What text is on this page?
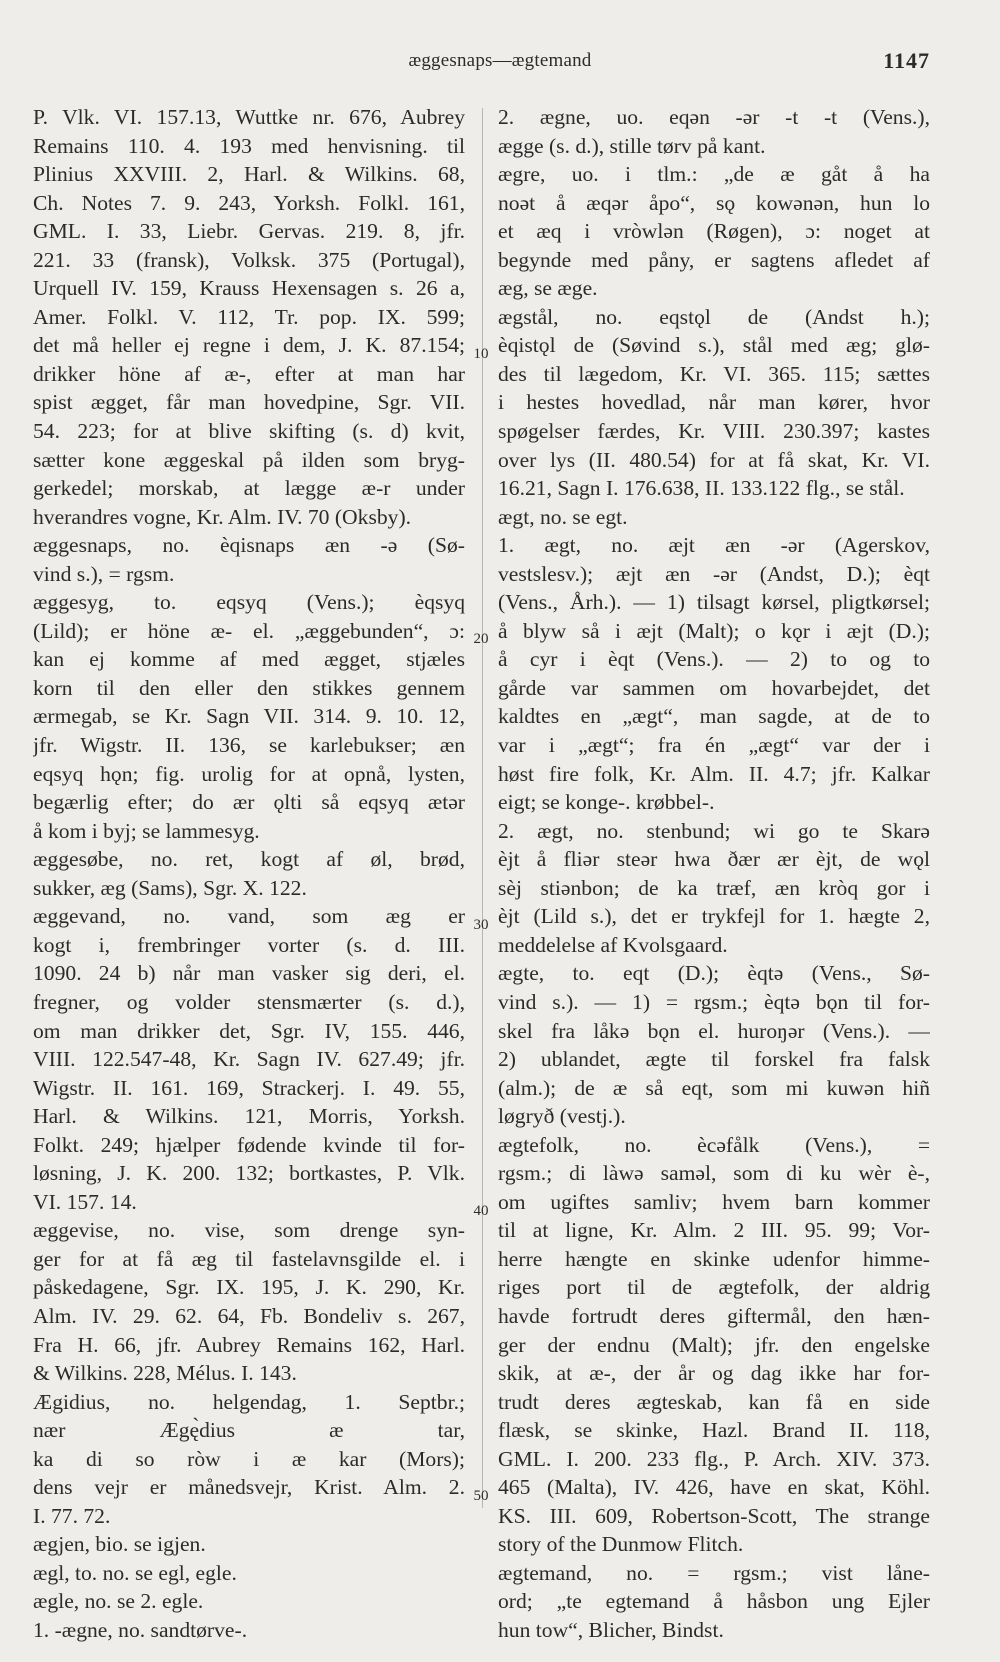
æggesnaps—ægtemand	1147
P. Vlk. VI. 157.13, Wuttke nr. 676, Aubrey
Remains 110. 4. 193 med henvisning. til
Plinius XXVIII. 2, Harl. & Wilkins. 68,
Ch. Notes 7. 9. 243, Yorksh. Folkl. 161,
GML. I. 33, Liebr. Gervas. 219. 8, jfr.
221. 33 (fransk), Volksk. 375 (Portugal),
Urquell IV. 159, Krauss Hexensagen s. 26 a,
Amer. Folkl. V. 112, Tr. pop. IX. 599;
det må heller ej regne i dem, J. K. 87.154;
drikker höne af æ-, efter at man har
spist ægget, får man hovedpine, Sgr. VII.
54. 223; for at blive skifting (s. d) kvit,
sætter kone æggeskal på ilden som bryg-
gerkedel; morskab, at lægge æ-r under
hverandres vogne, Kr. Alm. IV. 70 (Oksby).
æggesnaps, no. èqisnaps æn -ə (Sø-
vind s.), = rgsm.
æggesyg, to. eqsyq (Vens.); èqsyq
(Lild); er höne æ- el. „æggebunden“, ɔ:
kan ej komme af med ægget, stjæles
korn til den eller den stikkes gennem
ærmegab, se Kr. Sagn VII. 314. 9. 10. 12,
jfr. Wigstr. II. 136, se karlebukser; æn
eqsyq hǫn; fig. urolig for at opnå, lysten,
begærlig efter; do ær ǫlti så eqsyq ætər
å kom i byj; se lammesyg.
æggesøbe, no. ret, kogt af øl, brød,
sukker, æg (Sams), Sgr. X. 122.
æggevand, no. vand, som æg er
kogt i, frembringer vorter (s. d. III.
1090. 24 b) når man vasker sig deri, el.
fregner, og volder stensmærter (s. d.),
om man drikker det, Sgr. IV, 155. 446,
VIII. 122.547-48, Kr. Sagn IV. 627.49; jfr.
Wigstr. II. 161. 169, Strackerj. I. 49. 55,
Harl. & Wilkins. 121, Morris, Yorksh.
Folkt. 249; hjælper fødende kvinde til for-
løsning, J. K. 200. 132; bortkastes, P. Vlk.
VI. 157. 14.
æggevise, no. vise, som drenge syn-
ger for at få æg til fastelavnsgilde el. i
påskedagene, Sgr. IX. 195, J. K. 290, Kr.
Alm. IV. 29. 62. 64, Fb. Bondeliv s. 267,
Fra H. 66, jfr. Aubrey Remains 162, Harl.
& Wilkins. 228, Mélus. I. 143.
Ægidius, no. helgendag, 1. Septbr.;
nær Ægę̀dius æ tar,
ka di so ròw i æ kar (Mors);
dens vejr er månedsvejr, Krist. Alm. 2.
I. 77. 72.
ægjen, bio. se igjen.
ægl, to. no. se egl, egle.
ægle, no. se 2. egle.
1. -ægne, no. sandtørve-.
2. ægne, uo. eqən -ər -t -t (Vens.),
ægge (s. d.), stille tørv på kant.
ægre, uo. i tlm.: „de æ gåt å ha
noət å æqər åpo“, sǫ kowənən, hun lo
et æq i vròwlən (Røgen), ɔ: noget at
begynde med påny, er sagtens afledet af
æg, se æge.
ægstål, no. eqstǫl de (Andst h.);
èqistǫl de (Søvind s.), stål med æg; glø-
des til lægedom, Kr. VI. 365. 115; sættes
i hestes hovedlad, når man kører, hvor
spøgelser færdes, Kr. VIII. 230.397; kastes
over lys (II. 480.54) for at få skat, Kr. VI.
16.21, Sagn I. 176.638, II. 133.122 flg., se stål.
ægt, no. se egt.
1. ægt, no. æjt æn -ər (Agerskov,
vestslesv.); æjt æn -ər (Andst, D.); èqt
(Vens., Årh.). — 1) tilsagt kørsel, pligtkørsel;
å blyw så i æjt (Malt); o kǫr i æjt (D.);
å cyr i èqt (Vens.). — 2) to og to
gårde var sammen om hovarbejdet, det
kaldtes en „ægt“, man sagde, at de to
var i „ægt“; fra én „ægt“ var der i
høst fire folk, Kr. Alm. II. 4.7; jfr. Kalkar
eigt; se konge-. krøbbel-.
2. ægt, no. stenbund; wi go te Skarə
èjt å fliər steər hwa ðær ær èjt, de wǫl
sèj stiənbon; de ka træf, æn kròq gor i
èjt (Lild s.), det er trykfejl for 1. hægte 2,
meddelelse af Kvolsgaard.
ægte, to. eqt (D.); èqtə (Vens., Sø-
vind s.). — 1) = rgsm.; èqtə bǫn til for-
skel fra låkə bǫn el. huroŋər (Vens.). —
2) ublandet, ægte til forskel fra falsk
(alm.); de æ så eqt, som mi kuwən hiñ
løgryð (vestj.).
ægtefolk, no. ècəfålk (Vens.), =
rgsm.; di làwə saməl, som di ku wèr è-,
om ugiftes samliv; hvem barn kommer
til at ligne, Kr. Alm. 2 III. 95. 99; Vor-
herre hængte en skinke udenfor himme-
riges port til de ægtefolk, der aldrig
havde fortrudt deres giftermål, den hæn-
ger der endnu (Malt); jfr. den engelske
skik, at æ-, der år og dag ikke har for-
trudt deres ægteskab, kan få en side
flæsk, se skinke, Hazl. Brand II. 118,
GML. I. 200. 233 flg., P. Arch. XIV. 373.
465 (Malta), IV. 426, have en skat, Köhl.
KS. III. 609, Robertson-Scott, The strange
story of the Dunmow Flitch.
ægtemand, no. = rgsm.; vist låne-
ord; „te egtemand å håsbon ung Ejler
hun tow“, Blicher, Bindst.
10
20
30
40
50
